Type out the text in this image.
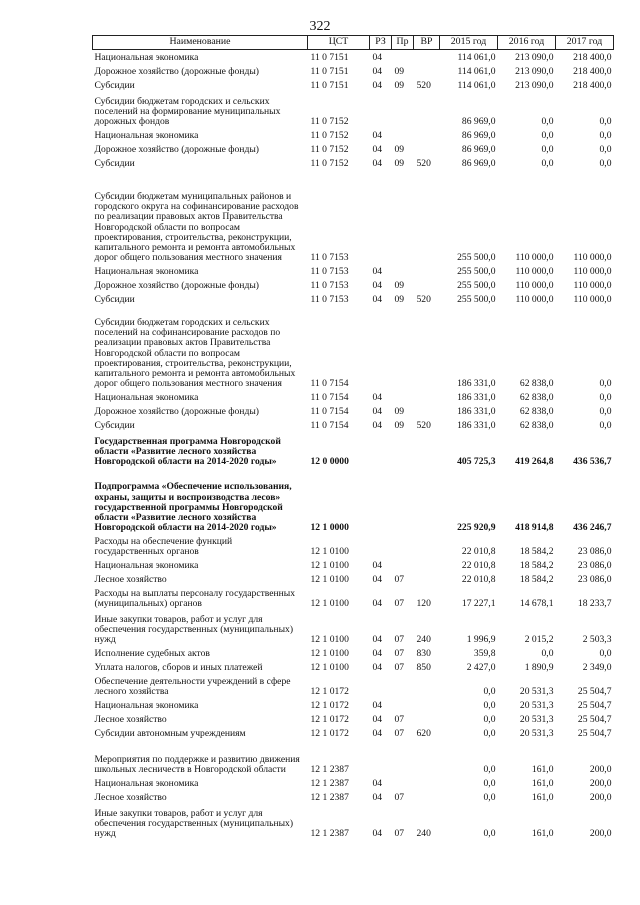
322
Наименование	ЦСТ	РЗ	Пр	ВР	2015 год	2016 год	2017 год
Национальная экономика	11 0 7151	04			114 061,0	213 090,0	218 400,0
Дорожное хозяйство (дорожные фонды)	11 0 7151	04	09		114 061,0	213 090,0	218 400,0
Субсидии	11 0 7151	04	09	520	114 061,0	213 090,0	218 400,0
Субсидии бюджетам городских и сельских поселений на формирование муниципальных дорожных фондов	11 0 7152				86 969,0	0,0	0,0
Национальная экономика	11 0 7152	04			86 969,0	0,0	0,0
Дорожное хозяйство (дорожные фонды)	11 0 7152	04	09		86 969,0	0,0	0,0
Субсидии	11 0 7152	04	09	520	86 969,0	0,0	0,0
Субсидии бюджетам муниципальных районов и городского округа на софинансирование расходов по реализации правовых актов Правительства Новгородской области по вопросам проектирования, строительства, реконструкции, капитального ремонта и ремонта автомобильных дорог общего пользования местного значения	11 0 7153				255 500,0	110 000,0	110 000,0
Национальная экономика	11 0 7153	04			255 500,0	110 000,0	110 000,0
Дорожное хозяйство (дорожные фонды)	11 0 7153	04	09		255 500,0	110 000,0	110 000,0
Субсидии	11 0 7153	04	09	520	255 500,0	110 000,0	110 000,0
Субсидии бюджетам городских и сельских поселений на софинансирование расходов по реализации правовых актов Правительства Новгородской области по вопросам проектирования, строительства, реконструкции, капитального ремонта и ремонта автомобильных дорог общего пользования местного значения	11 0 7154				186 331,0	62 838,0	0,0
Национальная экономика	11 0 7154	04			186 331,0	62 838,0	0,0
Дорожное хозяйство (дорожные фонды)	11 0 7154	04	09		186 331,0	62 838,0	0,0
Субсидии	11 0 7154	04	09	520	186 331,0	62 838,0	0,0
Государственная программа Новгородской области «Развитие лесного хозяйства Новгородской области на 2014-2020 годы»	12 0 0000				405 725,3	419 264,8	436 536,7
Подпрограмма «Обеспечение использования, охраны, защиты и воспроизводства лесов» государственной программы Новгородской области «Развитие лесного хозяйства Новгородской области на 2014-2020 годы»	12 1 0000				225 920,9	418 914,8	436 246,7
Расходы на обеспечение функций государственных органов	12 1 0100				22 010,8	18 584,2	23 086,0
Национальная экономика	12 1 0100	04			22 010,8	18 584,2	23 086,0
Лесное хозяйство	12 1 0100	04	07		22 010,8	18 584,2	23 086,0
Расходы на выплаты персоналу государственных (муниципальных) органов	12 1 0100	04	07	120	17 227,1	14 678,1	18 233,7
Иные закупки товаров, работ и услуг для обеспечения государственных (муниципальных) нужд	12 1 0100	04	07	240	1 996,9	2 015,2	2 503,3
Исполнение судебных актов	12 1 0100	04	07	830	359,8	0,0	0,0
Уплата налогов, сборов и иных платежей	12 1 0100	04	07	850	2 427,0	1 890,9	2 349,0
Обеспечение деятельности учреждений в сфере лесного хозяйства	12 1 0172				0,0	20 531,3	25 504,7
Национальная экономика	12 1 0172	04			0,0	20 531,3	25 504,7
Лесное хозяйство	12 1 0172	04	07		0,0	20 531,3	25 504,7
Субсидии автономным учреждениям	12 1 0172	04	07	620	0,0	20 531,3	25 504,7
Мероприятия по поддержке и развитию движения школьных лесничеств в Новгородской области	12 1 2387				0,0	161,0	200,0
Национальная экономика	12 1 2387	04			0,0	161,0	200,0
Лесное хозяйство	12 1 2387	04	07		0,0	161,0	200,0
Иные закупки товаров, работ и услуг для обеспечения государственных (муниципальных) нужд	12 1 2387	04	07	240	0,0	161,0	200,0
